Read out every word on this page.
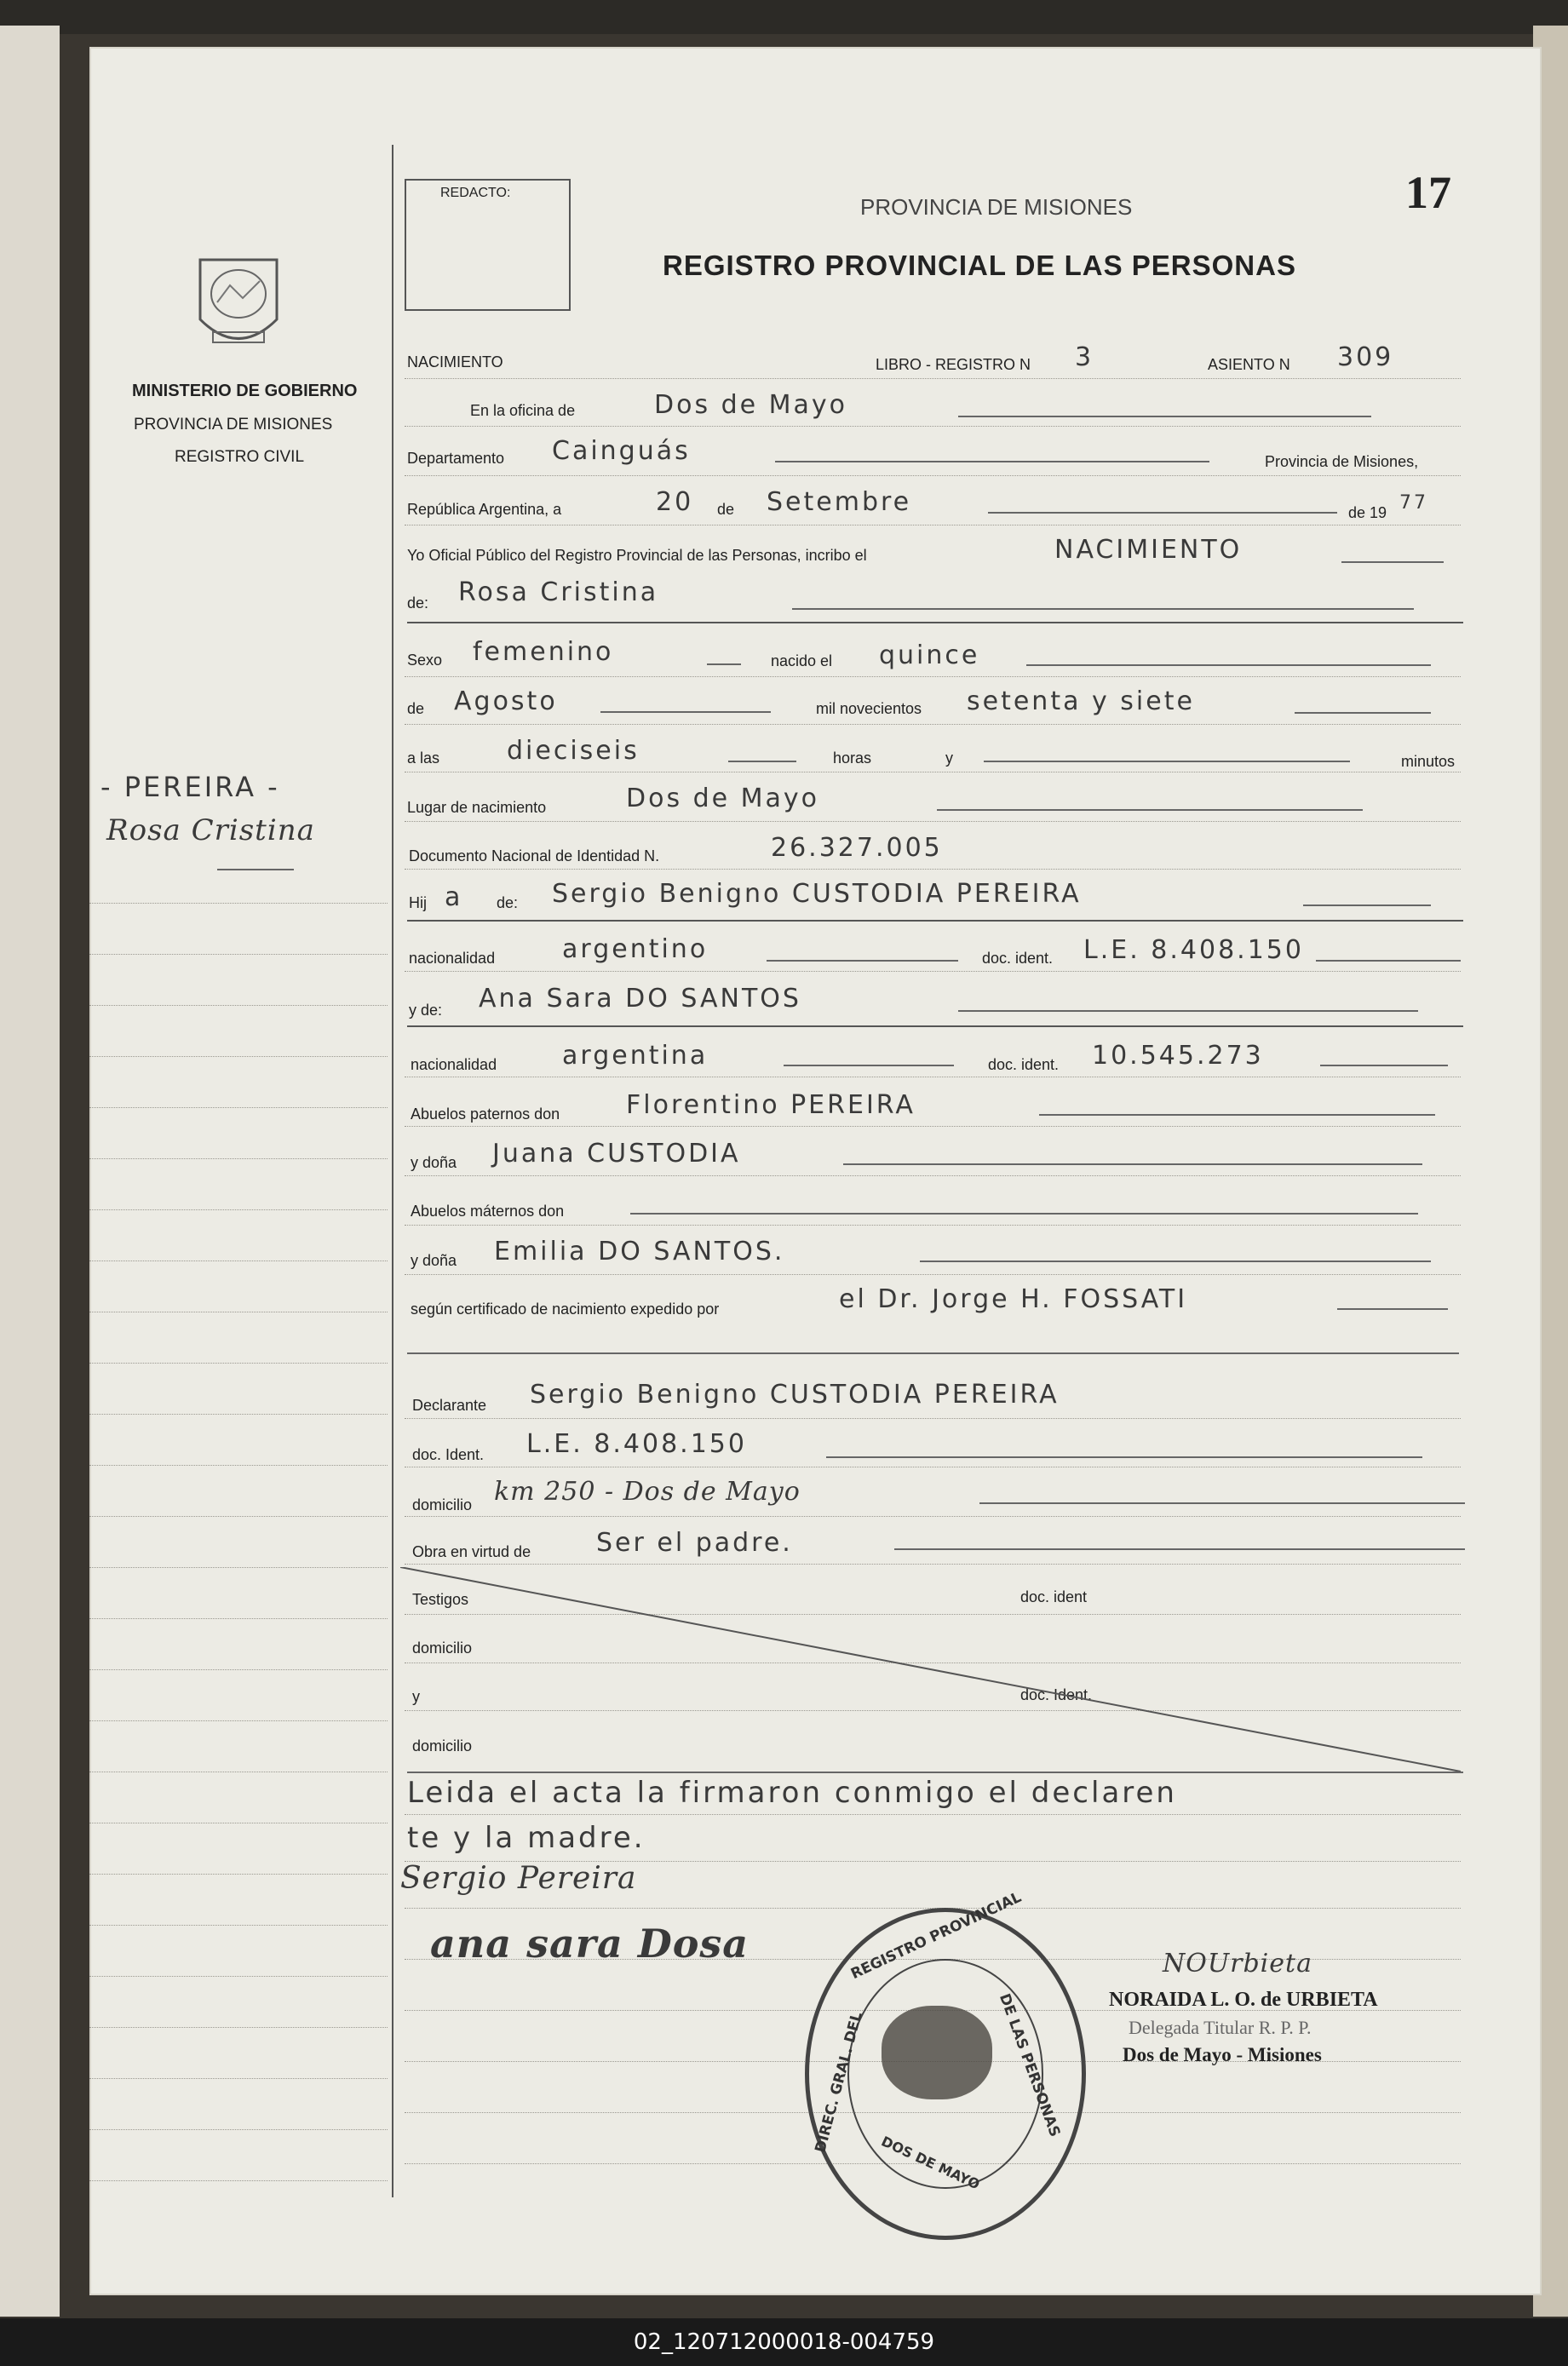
17
MINISTERIO DE GOBIERNO
PROVINCIA DE MISIONES
REGISTRO CIVIL
- PEREIRA -
Rosa Cristina
REDACTO:
PROVINCIA DE MISIONES
REGISTRO PROVINCIAL DE LAS PERSONAS
NACIMIENTO	LIBRO - REGISTRO N 3	ASIENTO N 309
En la oficina de	Dos de Mayo
Departamento Cainguás	Provincia de Misiones,
República Argentina, a	20 de Setembre	de 19 77
Yo Oficial Público del Registro Provincial de las Personas, incribo el	NACIMIENTO
de: Rosa Cristina
Sexo femenino	nacido el quince
de Agosto	mil novecientos setenta y siete
a las	dieciseis	horas	y	minutos
Lugar de nacimiento	Dos de Mayo
Documento Nacional de Identidad N.	26.327.005
Hij a de: Sergio Benigno CUSTODIA PEREIRA
nacionalidad	argentino	doc. ident. L.E. 8.408.150
y de: Ana Sara DO SANTOS
nacionalidad	argentina	doc. ident. 10.545.273
Abuelos paternos don	Florentino PEREIRA
y doña Juana CUSTODIA
Abuelos máternos don
y doña Emilia DO SANTOS.
según certificado de nacimiento expedido por	el Dr. Jorge H. FOSSATI
Declarante Sergio Benigno CUSTODIA PEREIRA
doc. Ident. L.E. 8.408.150
domicilio km 250 - Dos de Mayo
Obra en virtud de	Ser el padre.
Testigos	doc. ident
domicilio
y	doc. Ident.
domicilio
Leida el acta la firmaron conmigo el declaren
te y la madre.
Sergio Pereira
ana sara Dosa	REGISTRO PROVINCIAL
DE LAS PERSONAS
DIREC. GRAL. DEL
DOS DE MAYO
NOUrbieta
NORAIDA L. O. de URBIETA
Delegada Titular R. P. P.
Dos de Mayo - Misiones
02_120712000018-004759
